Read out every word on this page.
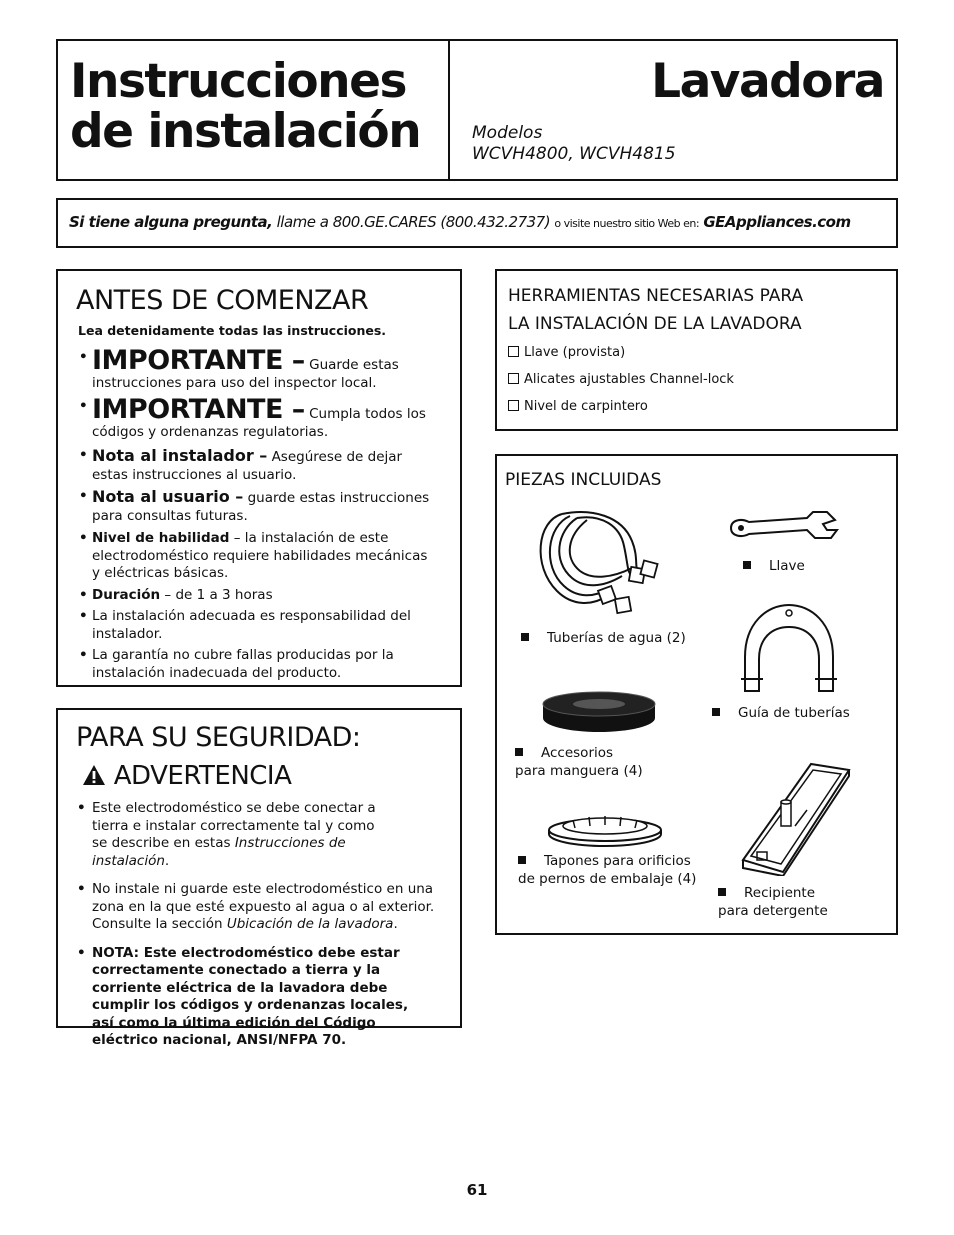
Instrucciones
de instalación
Lavadora
Modelos
WCVH4800, WCVH4815
Si tiene alguna pregunta, llame a 800.GE.CARES (800.432.2737) o visite nuestro sitio Web en: GEAppliances.com
ANTES DE COMENZAR
Lea detenidamente todas las instrucciones.
• IMPORTANTE – Guarde estas instrucciones para uso del inspector local.
• IMPORTANTE – Cumpla todos los códigos y ordenanzas regulatorias.
• Nota al instalador – Asegúrese de dejar estas instrucciones al usuario.
• Nota al usuario – guarde estas instrucciones para consultas futuras.
• Nivel de habilidad – la instalación de este electrodoméstico requiere habilidades mecánicas y eléctricas básicas.
• Duración – de 1 a 3 horas
• La instalación adecuada es responsabilidad del instalador.
• La garantía no cubre fallas producidas por la instalación inadecuada del producto.
PARA SU SEGURIDAD:
ADVERTENCIA
• Este electrodoméstico se debe conectar a tierra e instalar correctamente tal y como se describe en estas Instrucciones de instalación.
• No instale ni guarde este electrodoméstico en una zona en la que esté expuesto al agua o al exterior. Consulte la sección Ubicación de la lavadora.
• NOTA: Este electrodoméstico debe estar correctamente conectado a tierra y la corriente eléctrica de la lavadora debe cumplir los códigos y ordenanzas locales, así como la última edición del Código eléctrico nacional, ANSI/NFPA 70.
HERRAMIENTAS NECESARIAS PARA
LA INSTALACIÓN DE LA LAVADORA
Llave (provista)
Alicates ajustables Channel-lock
Nivel de carpintero
PIEZAS INCLUIDAS
Tuberías de agua (2)
Llave
Guía de tuberías
Accesorios
para manguera (4)
Tapones para orificios
de pernos de embalaje (4)
Recipiente
para detergente
61
